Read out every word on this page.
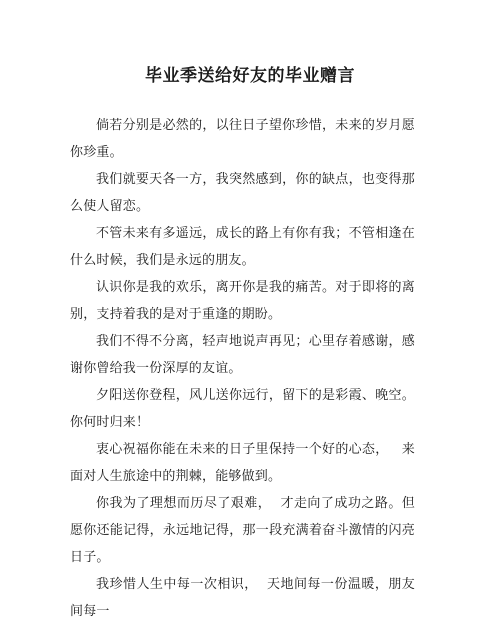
毕业季送给好友的毕业赠言

倘若分别是必然的，以往日子望你珍惜，未来的岁月愿你珍重。

我们就要天各一方，我突然感到，你的缺点，也变得那么使人留恋。

不管未来有多遥远，成长的路上有你有我；不管相逢在什么时候，我们是永远的朋友。

认识你是我的欢乐，离开你是我的痛苦。对于即将的离别，支持着我的是对于重逢的期盼。

我们不得不分离，轻声地说声再见；心里存着感谢，感谢你曾给我一份深厚的友谊。

夕阳送你登程，风儿送你远行，留下的是彩霞、晚空。你何时归来！

衷心祝福你能在未来的日子里保持一个好的心态，   来面对人生旅途中的荆棘，能够做到。

你我为了理想而历尽了艰难，  才走向了成功之路。但愿你还能记得，永远地记得，那一段充满着奋斗激情的闪亮日子。

我珍惜人生中每一次相识，  天地间每一份温暖，朋友间每一
